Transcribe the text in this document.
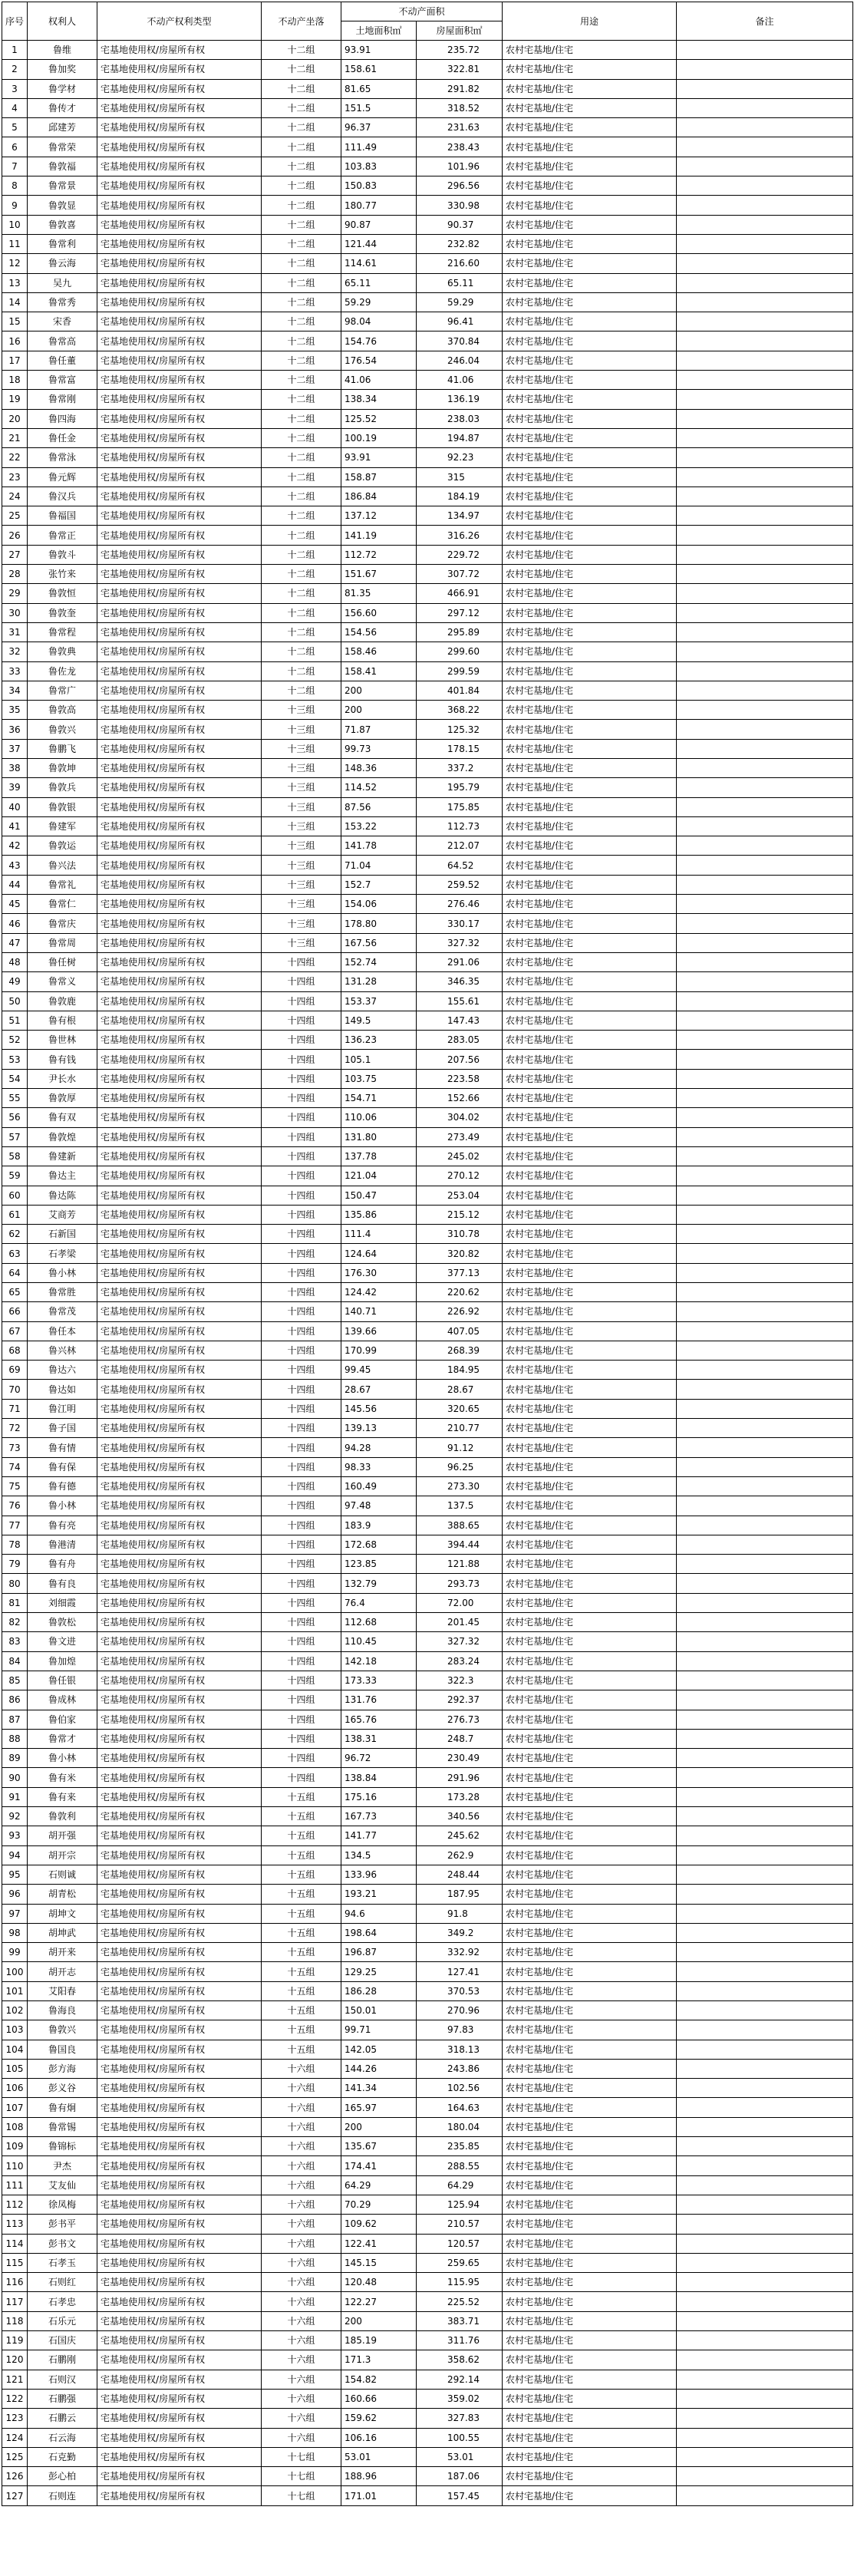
序号	权利人	不动产权利类型	不动产坐落	不动产面积		用途	备注
				土地面积㎡	房屋面积㎡		
1	鲁维	宅基地使用权/房屋所有权	十二组	93.91	235.72	农村宅基地/住宅	
2	鲁加奖	宅基地使用权/房屋所有权	十二组	158.61	322.81	农村宅基地/住宅	
3	鲁学材	宅基地使用权/房屋所有权	十二组	81.65	291.82	农村宅基地/住宅	
4	鲁传才	宅基地使用权/房屋所有权	十二组	151.5	318.52	农村宅基地/住宅	
5	邱建芳	宅基地使用权/房屋所有权	十二组	96.37	231.63	农村宅基地/住宅	
6	鲁常荣	宅基地使用权/房屋所有权	十二组	111.49	238.43	农村宅基地/住宅	
7	鲁敦福	宅基地使用权/房屋所有权	十二组	103.83	101.96	农村宅基地/住宅	
8	鲁常景	宅基地使用权/房屋所有权	十二组	150.83	296.56	农村宅基地/住宅	
9	鲁敦显	宅基地使用权/房屋所有权	十二组	180.77	330.98	农村宅基地/住宅	
10	鲁敦喜	宅基地使用权/房屋所有权	十二组	90.87	90.37	农村宅基地/住宅	
11	鲁常利	宅基地使用权/房屋所有权	十二组	121.44	232.82	农村宅基地/住宅	
12	鲁云海	宅基地使用权/房屋所有权	十二组	114.61	216.60	农村宅基地/住宅	
13	吴九	宅基地使用权/房屋所有权	十二组	65.11	65.11	农村宅基地/住宅	
14	鲁常秀	宅基地使用权/房屋所有权	十二组	59.29	59.29	农村宅基地/住宅	
15	宋香	宅基地使用权/房屋所有权	十二组	98.04	96.41	农村宅基地/住宅	
16	鲁常高	宅基地使用权/房屋所有权	十二组	154.76	370.84	农村宅基地/住宅	
17	鲁任董	宅基地使用权/房屋所有权	十二组	176.54	246.04	农村宅基地/住宅	
18	鲁常富	宅基地使用权/房屋所有权	十二组	41.06	41.06	农村宅基地/住宅	
19	鲁常刚	宅基地使用权/房屋所有权	十二组	138.34	136.19	农村宅基地/住宅	
20	鲁四海	宅基地使用权/房屋所有权	十二组	125.52	238.03	农村宅基地/住宅	
21	鲁任金	宅基地使用权/房屋所有权	十二组	100.19	194.87	农村宅基地/住宅	
22	鲁常泳	宅基地使用权/房屋所有权	十二组	93.91	92.23	农村宅基地/住宅	
23	鲁元辉	宅基地使用权/房屋所有权	十二组	158.87	315	农村宅基地/住宅	
24	鲁汉兵	宅基地使用权/房屋所有权	十二组	186.84	184.19	农村宅基地/住宅	
25	鲁福国	宅基地使用权/房屋所有权	十二组	137.12	134.97	农村宅基地/住宅	
26	鲁常正	宅基地使用权/房屋所有权	十二组	141.19	316.26	农村宅基地/住宅	
27	鲁敦斗	宅基地使用权/房屋所有权	十二组	112.72	229.72	农村宅基地/住宅	
28	张竹来	宅基地使用权/房屋所有权	十二组	151.67	307.72	农村宅基地/住宅	
29	鲁敦恒	宅基地使用权/房屋所有权	十二组	81.35	466.91	农村宅基地/住宅	
30	鲁敦奎	宅基地使用权/房屋所有权	十二组	156.60	297.12	农村宅基地/住宅	
31	鲁常程	宅基地使用权/房屋所有权	十二组	154.56	295.89	农村宅基地/住宅	
32	鲁敦典	宅基地使用权/房屋所有权	十二组	158.46	299.60	农村宅基地/住宅	
33	鲁佐龙	宅基地使用权/房屋所有权	十二组	158.41	299.59	农村宅基地/住宅	
34	鲁常广	宅基地使用权/房屋所有权	十二组	200	401.84	农村宅基地/住宅	
35	鲁敦高	宅基地使用权/房屋所有权	十三组	200	368.22	农村宅基地/住宅	
36	鲁敦兴	宅基地使用权/房屋所有权	十三组	71.87	125.32	农村宅基地/住宅	
37	鲁鹏飞	宅基地使用权/房屋所有权	十三组	99.73	178.15	农村宅基地/住宅	
38	鲁敦坤	宅基地使用权/房屋所有权	十三组	148.36	337.2	农村宅基地/住宅	
39	鲁敦兵	宅基地使用权/房屋所有权	十三组	114.52	195.79	农村宅基地/住宅	
40	鲁敦银	宅基地使用权/房屋所有权	十三组	87.56	175.85	农村宅基地/住宅	
41	鲁建军	宅基地使用权/房屋所有权	十三组	153.22	112.73	农村宅基地/住宅	
42	鲁敦运	宅基地使用权/房屋所有权	十三组	141.78	212.07	农村宅基地/住宅	
43	鲁兴法	宅基地使用权/房屋所有权	十三组	71.04	64.52	农村宅基地/住宅	
44	鲁常礼	宅基地使用权/房屋所有权	十三组	152.7	259.52	农村宅基地/住宅	
45	鲁常仁	宅基地使用权/房屋所有权	十三组	154.06	276.46	农村宅基地/住宅	
46	鲁常庆	宅基地使用权/房屋所有权	十三组	178.80	330.17	农村宅基地/住宅	
47	鲁常周	宅基地使用权/房屋所有权	十三组	167.56	327.32	农村宅基地/住宅	
48	鲁任树	宅基地使用权/房屋所有权	十四组	152.74	291.06	农村宅基地/住宅	
49	鲁常义	宅基地使用权/房屋所有权	十四组	131.28	346.35	农村宅基地/住宅	
50	鲁敦鹿	宅基地使用权/房屋所有权	十四组	153.37	155.61	农村宅基地/住宅	
51	鲁有根	宅基地使用权/房屋所有权	十四组	149.5	147.43	农村宅基地/住宅	
52	鲁世林	宅基地使用权/房屋所有权	十四组	136.23	283.05	农村宅基地/住宅	
53	鲁有钱	宅基地使用权/房屋所有权	十四组	105.1	207.56	农村宅基地/住宅	
54	尹长水	宅基地使用权/房屋所有权	十四组	103.75	223.58	农村宅基地/住宅	
55	鲁敦厚	宅基地使用权/房屋所有权	十四组	154.71	152.66	农村宅基地/住宅	
56	鲁有双	宅基地使用权/房屋所有权	十四组	110.06	304.02	农村宅基地/住宅	
57	鲁敦煌	宅基地使用权/房屋所有权	十四组	131.80	273.49	农村宅基地/住宅	
58	鲁建新	宅基地使用权/房屋所有权	十四组	137.78	245.02	农村宅基地/住宅	
59	鲁达主	宅基地使用权/房屋所有权	十四组	121.04	270.12	农村宅基地/住宅	
60	鲁达陈	宅基地使用权/房屋所有权	十四组	150.47	253.04	农村宅基地/住宅	
61	艾商芳	宅基地使用权/房屋所有权	十四组	135.86	215.12	农村宅基地/住宅	
62	石新国	宅基地使用权/房屋所有权	十四组	111.4	310.78	农村宅基地/住宅	
63	石孝梁	宅基地使用权/房屋所有权	十四组	124.64	320.82	农村宅基地/住宅	
64	鲁小林	宅基地使用权/房屋所有权	十四组	176.30	377.13	农村宅基地/住宅	
65	鲁常胜	宅基地使用权/房屋所有权	十四组	124.42	220.62	农村宅基地/住宅	
66	鲁常茂	宅基地使用权/房屋所有权	十四组	140.71	226.92	农村宅基地/住宅	
67	鲁任本	宅基地使用权/房屋所有权	十四组	139.66	407.05	农村宅基地/住宅	
68	鲁兴林	宅基地使用权/房屋所有权	十四组	170.99	268.39	农村宅基地/住宅	
69	鲁达六	宅基地使用权/房屋所有权	十四组	99.45	184.95	农村宅基地/住宅	
70	鲁达如	宅基地使用权/房屋所有权	十四组	28.67	28.67	农村宅基地/住宅	
71	鲁江明	宅基地使用权/房屋所有权	十四组	145.56	320.65	农村宅基地/住宅	
72	鲁子国	宅基地使用权/房屋所有权	十四组	139.13	210.77	农村宅基地/住宅	
73	鲁有情	宅基地使用权/房屋所有权	十四组	94.28	91.12	农村宅基地/住宅	
74	鲁有保	宅基地使用权/房屋所有权	十四组	98.33	96.25	农村宅基地/住宅	
75	鲁有德	宅基地使用权/房屋所有权	十四组	160.49	273.30	农村宅基地/住宅	
76	鲁小林	宅基地使用权/房屋所有权	十四组	97.48	137.5	农村宅基地/住宅	
77	鲁有亮	宅基地使用权/房屋所有权	十四组	183.9	388.65	农村宅基地/住宅	
78	鲁港清	宅基地使用权/房屋所有权	十四组	172.68	394.44	农村宅基地/住宅	
79	鲁有舟	宅基地使用权/房屋所有权	十四组	123.85	121.88	农村宅基地/住宅	
80	鲁有良	宅基地使用权/房屋所有权	十四组	132.79	293.73	农村宅基地/住宅	
81	刘细霞	宅基地使用权/房屋所有权	十四组	76.4	72.00	农村宅基地/住宅	
82	鲁敦松	宅基地使用权/房屋所有权	十四组	112.68	201.45	农村宅基地/住宅	
83	鲁文进	宅基地使用权/房屋所有权	十四组	110.45	327.32	农村宅基地/住宅	
84	鲁加煌	宅基地使用权/房屋所有权	十四组	142.18	283.24	农村宅基地/住宅	
85	鲁任银	宅基地使用权/房屋所有权	十四组	173.33	322.3	农村宅基地/住宅	
86	鲁成林	宅基地使用权/房屋所有权	十四组	131.76	292.37	农村宅基地/住宅	
87	鲁伯家	宅基地使用权/房屋所有权	十四组	165.76	276.73	农村宅基地/住宅	
88	鲁常才	宅基地使用权/房屋所有权	十四组	138.31	248.7	农村宅基地/住宅	
89	鲁小林	宅基地使用权/房屋所有权	十四组	96.72	230.49	农村宅基地/住宅	
90	鲁有米	宅基地使用权/房屋所有权	十四组	138.84	291.96	农村宅基地/住宅	
91	鲁有来	宅基地使用权/房屋所有权	十五组	175.16	173.28	农村宅基地/住宅	
92	鲁敦利	宅基地使用权/房屋所有权	十五组	167.73	340.56	农村宅基地/住宅	
93	胡开强	宅基地使用权/房屋所有权	十五组	141.77	245.62	农村宅基地/住宅	
94	胡开宗	宅基地使用权/房屋所有权	十五组	134.5	262.9	农村宅基地/住宅	
95	石则诚	宅基地使用权/房屋所有权	十五组	133.96	248.44	农村宅基地/住宅	
96	胡青松	宅基地使用权/房屋所有权	十五组	193.21	187.95	农村宅基地/住宅	
97	胡坤文	宅基地使用权/房屋所有权	十五组	94.6	91.8	农村宅基地/住宅	
98	胡坤武	宅基地使用权/房屋所有权	十五组	198.64	349.2	农村宅基地/住宅	
99	胡开来	宅基地使用权/房屋所有权	十五组	196.87	332.92	农村宅基地/住宅	
100	胡开志	宅基地使用权/房屋所有权	十五组	129.25	127.41	农村宅基地/住宅	
101	艾阳春	宅基地使用权/房屋所有权	十五组	186.28	370.53	农村宅基地/住宅	
102	鲁海良	宅基地使用权/房屋所有权	十五组	150.01	270.96	农村宅基地/住宅	
103	鲁敦兴	宅基地使用权/房屋所有权	十五组	99.71	97.83	农村宅基地/住宅	
104	鲁国良	宅基地使用权/房屋所有权	十五组	142.05	318.13	农村宅基地/住宅	
105	彭方海	宅基地使用权/房屋所有权	十六组	144.26	243.86	农村宅基地/住宅	
106	彭义谷	宅基地使用权/房屋所有权	十六组	141.34	102.56	农村宅基地/住宅	
107	鲁有炯	宅基地使用权/房屋所有权	十六组	165.97	164.63	农村宅基地/住宅	
108	鲁常锡	宅基地使用权/房屋所有权	十六组	200	180.04	农村宅基地/住宅	
109	鲁锦标	宅基地使用权/房屋所有权	十六组	135.67	235.85	农村宅基地/住宅	
110	尹杰	宅基地使用权/房屋所有权	十六组	174.41	288.55	农村宅基地/住宅	
111	艾友仙	宅基地使用权/房屋所有权	十六组	64.29	64.29	农村宅基地/住宅	
112	徐凤梅	宅基地使用权/房屋所有权	十六组	70.29	125.94	农村宅基地/住宅	
113	彭书平	宅基地使用权/房屋所有权	十六组	109.62	210.57	农村宅基地/住宅	
114	彭书文	宅基地使用权/房屋所有权	十六组	122.41	120.57	农村宅基地/住宅	
115	石孝玉	宅基地使用权/房屋所有权	十六组	145.15	259.65	农村宅基地/住宅	
116	石则红	宅基地使用权/房屋所有权	十六组	120.48	115.95	农村宅基地/住宅	
117	石孝忠	宅基地使用权/房屋所有权	十六组	122.27	225.52	农村宅基地/住宅	
118	石乐元	宅基地使用权/房屋所有权	十六组	200	383.71	农村宅基地/住宅	
119	石国庆	宅基地使用权/房屋所有权	十六组	185.19	311.76	农村宅基地/住宅	
120	石鹏刚	宅基地使用权/房屋所有权	十六组	171.3	358.62	农村宅基地/住宅	
121	石则汉	宅基地使用权/房屋所有权	十六组	154.82	292.14	农村宅基地/住宅	
122	石鹏强	宅基地使用权/房屋所有权	十六组	160.66	359.02	农村宅基地/住宅	
123	石鹏云	宅基地使用权/房屋所有权	十六组	159.62	327.83	农村宅基地/住宅	
124	石云海	宅基地使用权/房屋所有权	十六组	106.16	100.55	农村宅基地/住宅	
125	石克勤	宅基地使用权/房屋所有权	十七组	53.01	53.01	农村宅基地/住宅	
126	彭心柏	宅基地使用权/房屋所有权	十七组	188.96	187.06	农村宅基地/住宅	
127	石则连	宅基地使用权/房屋所有权	十七组	171.01	157.45	农村宅基地/住宅	
